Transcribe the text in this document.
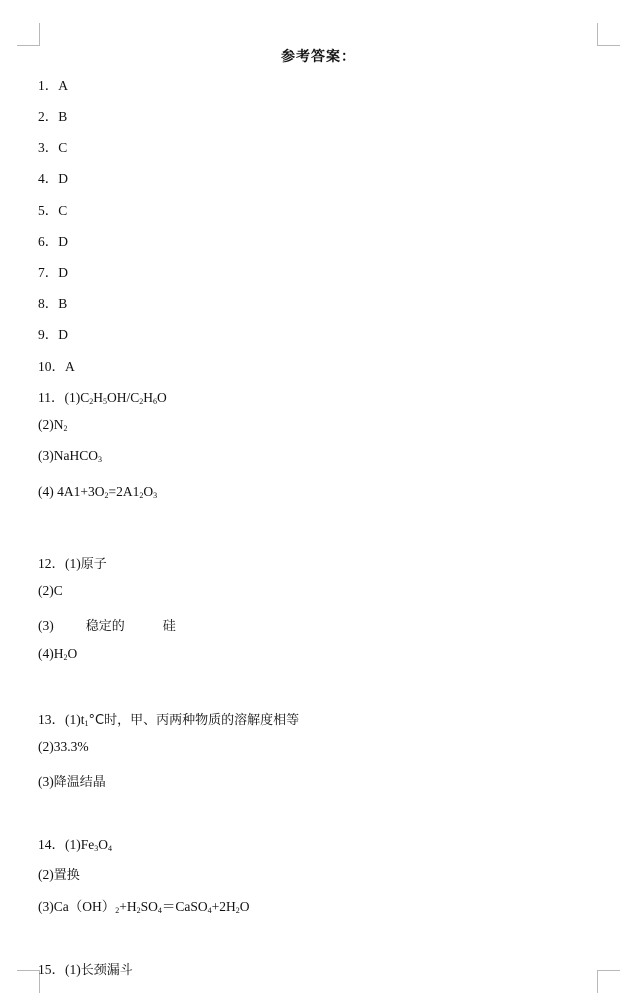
参考答案：
1．A
2．B
3．C
4．D
5．C
6．D
7．D
8．B
9．D
10．A
11．$(1)C_2H_5OH/C_2H_6O$
$(2)N_2$
(3)NaHCO$_3$
(4) $4A1+3O_2=2A1_2O_3$
12．(1)原子
(2)C
(3) 稳定的	硅
$(4)H_2O$
13．$(1)t_1^\circ C$时，甲、丙两种物质的溶解度相等
(2)33.3%
(3)降温结晶
14．$(1)Fe_3O_4$
(2)置换
$(3)Ca(OH)_2+H_2SO_4=CaSO_4+2H_2O$
15．(1)长颈漏斗
